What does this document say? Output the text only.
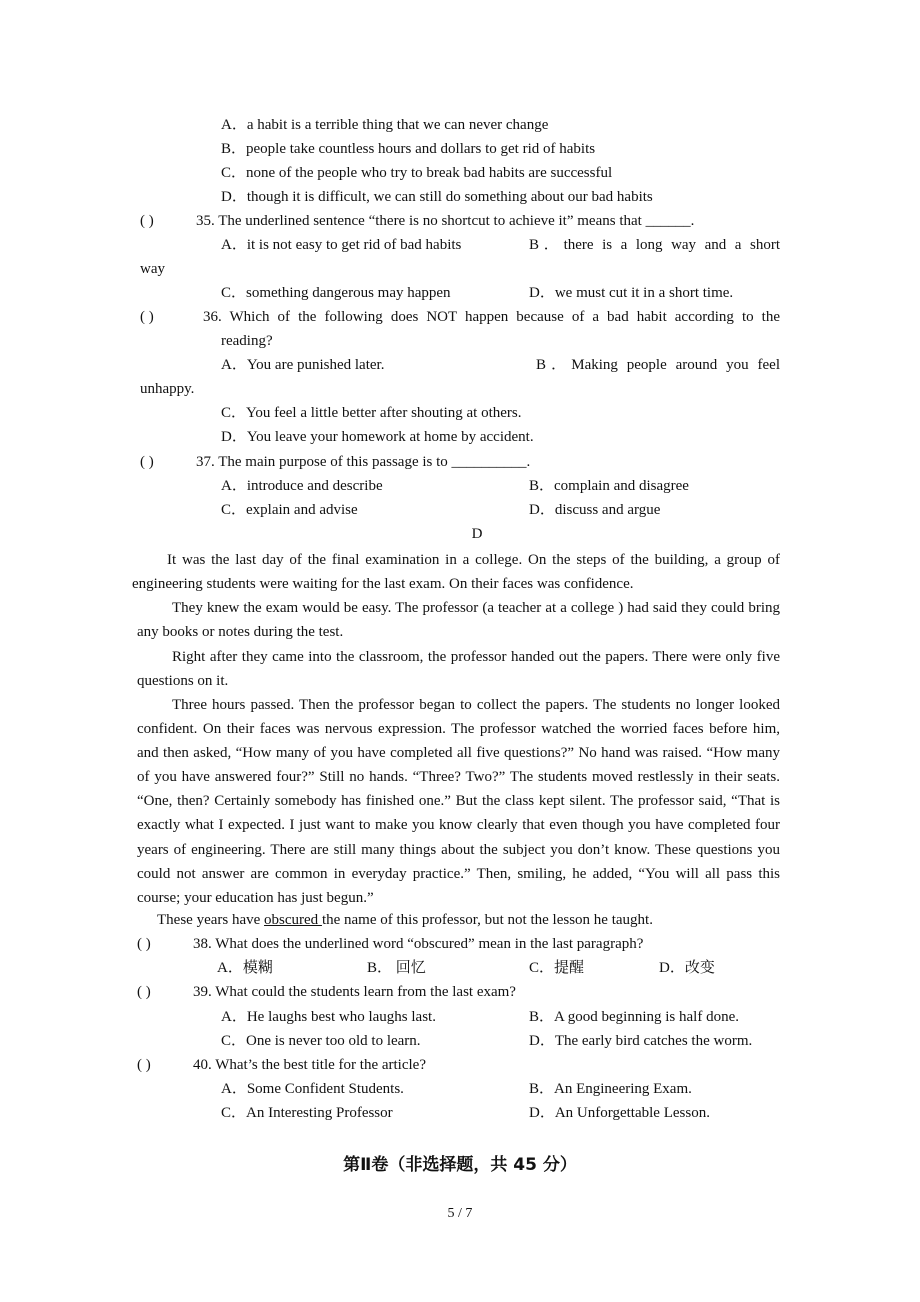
A．a habit is a terrible thing that we can never change
B．people take countless hours and dollars to get rid of habits
C．none of the people who try to break bad habits are successful
D．though it is difficult, we can still do something about our bad habits
( )	35. The underlined sentence “there is no shortcut to achieve it” means that ______.
A．it is not easy to get rid of bad habits	B．there is a long way and a short
way
C．something dangerous may happen	D．we must cut it in a short time.
( )	36. Which of the following does NOT happen because of a bad habit according to the
reading?
A．You are punished later.	B．Making people around you feel
unhappy.
C．You feel a little better after shouting at others.
D．You leave your homework at home by accident.
( )	37. The main purpose of this passage is to __________.
A．introduce and describe	B．complain and disagree
C．explain and advise	D．discuss and argue
D
It was the last day of the final examination in a college. On the steps of the building, a group of engineering students were waiting for the last exam. On their faces was confidence.
They knew the exam would be easy. The professor (a teacher at a college ) had said they could bring any books or notes during the test.
Right after they came into the classroom, the professor handed out the papers. There were only five questions on it.
Three hours passed. Then the professor began to collect the papers. The students no longer looked confident. On their faces was nervous expression. The professor watched the worried faces before him, and then asked, “How many of you have completed all five questions?” No hand was raised. “How many of you have answered four?” Still no hands. “Three? Two?” The students moved restlessly in their seats. “One, then? Certainly somebody has finished one.” But the class kept silent. The professor said, “That is exactly what I expected. I just want to make you know clearly that even though you have completed four years of engineering. There are still many things about the subject you don’t know. These questions you could not answer are common in everyday practice.” Then, smiling, he added, “You will all pass this course; your education has just begun.”
These years have obscured the name of this professor, but not the lesson he taught.
( )	38. What does the underlined word “obscured” mean in the last paragraph?
A．模糊	B． 回忆	C．提醒	D．改变
( )	39. What could the students learn from the last exam?
A．He laughs best who laughs last.	B．A good beginning is half done.
C．One is never too old to learn.	D．The early bird catches the worm.
( )	40. What’s the best title for the article?
A．Some Confident Students.	B．An Engineering Exam.
C．An Interesting Professor	D．An Unforgettable Lesson.
第Ⅱ卷（非选择题，共 45 分）
5 / 7
